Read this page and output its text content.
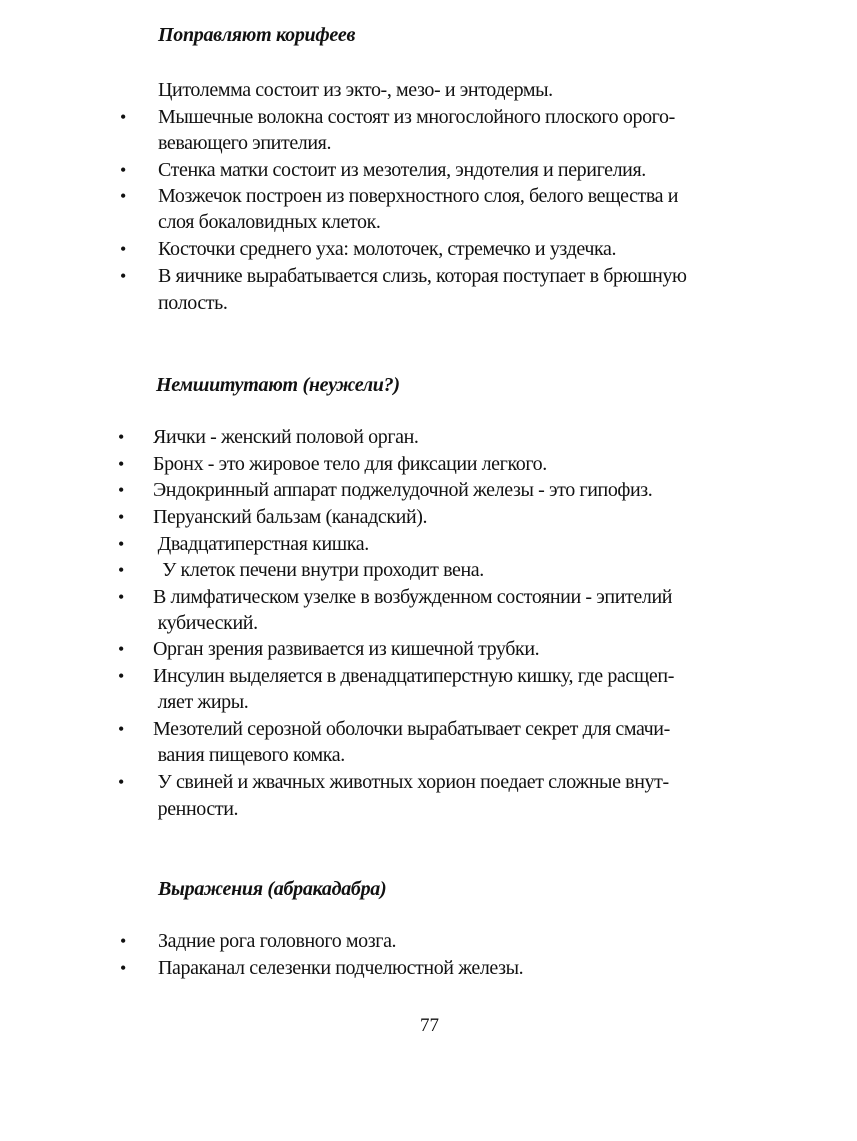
Поправляют корифеев
Цитолемма состоит из экто-, мезо- и энтодермы.
• Мышечные волокна состоят из многослойного плоского орого-
вевающего эпителия.
• Стенка матки состоит из мезотелия, эндотелия и перигелия.
• Мозжечок построен из поверхностного слоя, белого вещества и
слоя бокаловидных клеток.
• Косточки среднего уха: молоточек, стремечко и уздечка.
• В яичнике вырабатывается слизь, которая поступает в брюшную
полость.
Немшитутают (неужели?)
• Яички - женский половой орган.
• Бронх - это жировое тело для фиксации легкого.
• Эндокринный аппарат поджелудочной железы - это гипофиз.
• Перуанский бальзам (канадский).
• Двадцатиперстная кишка.
• У клеток печени внутри проходит вена.
• В лимфатическом узелке в возбужденном состоянии - эпителий
кубический.
• Орган зрения развивается из кишечной трубки.
• Инсулин выделяется в двенадцатиперстную кишку, где расщеп-
ляет жиры.
• Мезотелий серозной оболочки вырабатывает секрет для смачи-
вания пищевого комка.
• У свиней и жвачных животных хорион поедает сложные внут-
ренности.
Выражения (абракадабра)
• Задние рога головного мозга.
• Параканал селезенки подчелюстной железы.
77
